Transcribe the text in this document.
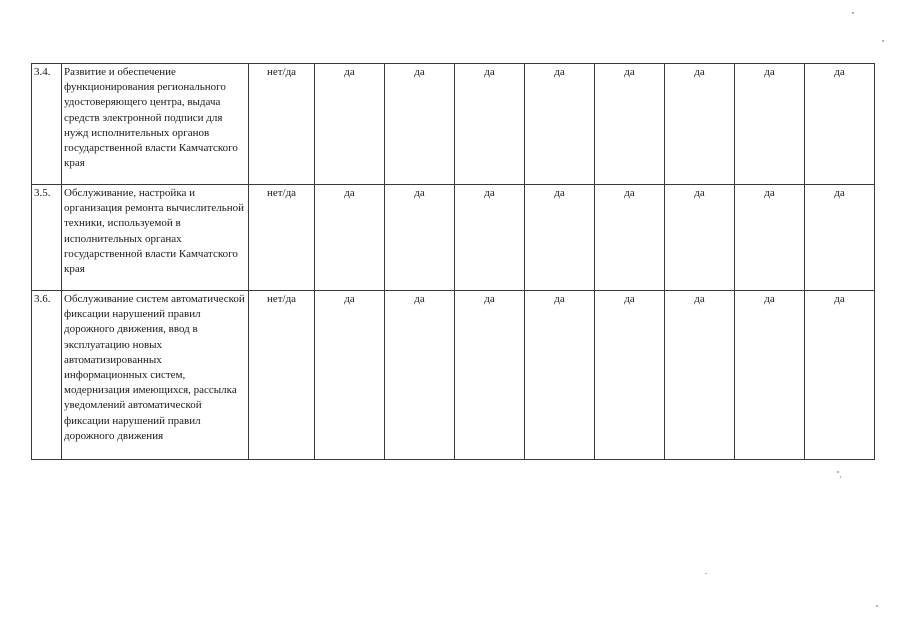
3.4.	Развитие и обеспечение функционирования регионального удостоверяющего центра, выдача средств электронной подписи для нужд исполнительных органов государственной власти Камчатского края	нет/да	да	да	да	да	да	да	да	да
3.5.	Обслуживание, настройка и организация ремонта вычислительной техники, используемой в исполнительных органах государственной власти Камчатского края	нет/да	да	да	да	да	да	да	да	да
3.6.	Обслуживание систем автоматической фиксации нарушений правил дорожного движения, ввод в эксплуатацию новых автоматизированных информационных систем, модернизация имеющихся, рассылка уведомлений автоматической фиксации нарушений правил дорожного движения	нет/да	да	да	да	да	да	да	да	да
